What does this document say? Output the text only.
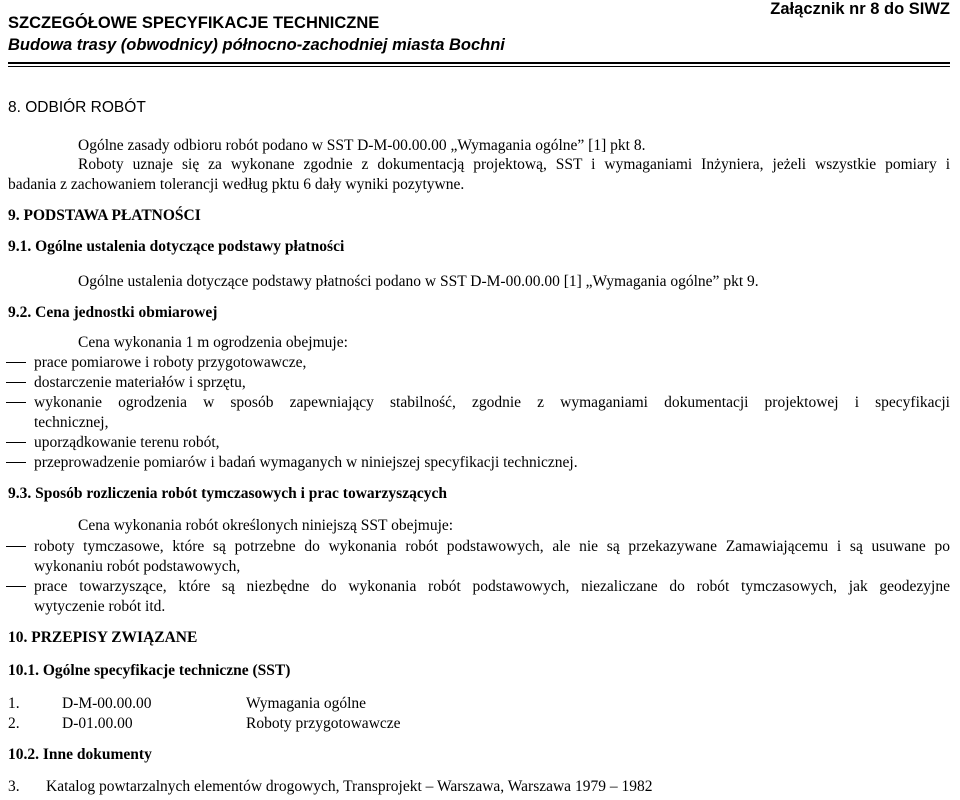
SZCZEGÓŁOWE SPECYFIKACJE TECHNICZNE
Budowa trasy (obwodnicy) północno-zachodniej miasta Bochni
Załącznik nr 8 do SIWZ
8. ODBIÓR ROBÓT
Ogólne zasady odbioru robót podano w SST D-M-00.00.00 „Wymagania ogólne” [1] pkt 8.
Roboty uznaje się za wykonane zgodnie z dokumentacją projektową, SST i wymaganiami Inżyniera, jeżeli wszystkie pomiary i
badania z zachowaniem tolerancji według pktu 6 dały wyniki pozytywne.
9. PODSTAWA PŁATNOŚCI
9.1. Ogólne ustalenia dotyczące podstawy płatności
Ogólne ustalenia dotyczące podstawy płatności podano w SST D-M-00.00.00 [1] „Wymagania ogólne” pkt 9.
9.2. Cena jednostki obmiarowej
Cena wykonania 1 m ogrodzenia obejmuje:
prace pomiarowe i roboty przygotowawcze,
dostarczenie materiałów i sprzętu,
wykonanie ogrodzenia w sposób zapewniający stabilność, zgodnie z wymaganiami dokumentacji projektowej i specyfikacji
technicznej,
uporządkowanie terenu robót,
przeprowadzenie pomiarów i badań wymaganych w niniejszej specyfikacji technicznej.
9.3. Sposób rozliczenia robót tymczasowych i prac towarzyszących
Cena wykonania robót określonych niniejszą SST obejmuje:
roboty tymczasowe, które są potrzebne do wykonania robót podstawowych, ale nie są przekazywane Zamawiającemu i są usuwane po
wykonaniu robót podstawowych,
prace towarzyszące, które są niezbędne do wykonania robót podstawowych, niezaliczane do robót tymczasowych, jak geodezyjne
wytyczenie robót itd.
10. PRZEPISY ZWIĄZANE
10.1. Ogólne specyfikacje techniczne (SST)
1.	D-M-00.00.00	Wymagania ogólne
2.	D-01.00.00	Roboty przygotowawcze
10.2. Inne dokumenty
3. Katalog powtarzalnych elementów drogowych, Transprojekt – Warszawa, Warszawa 1979 – 1982
